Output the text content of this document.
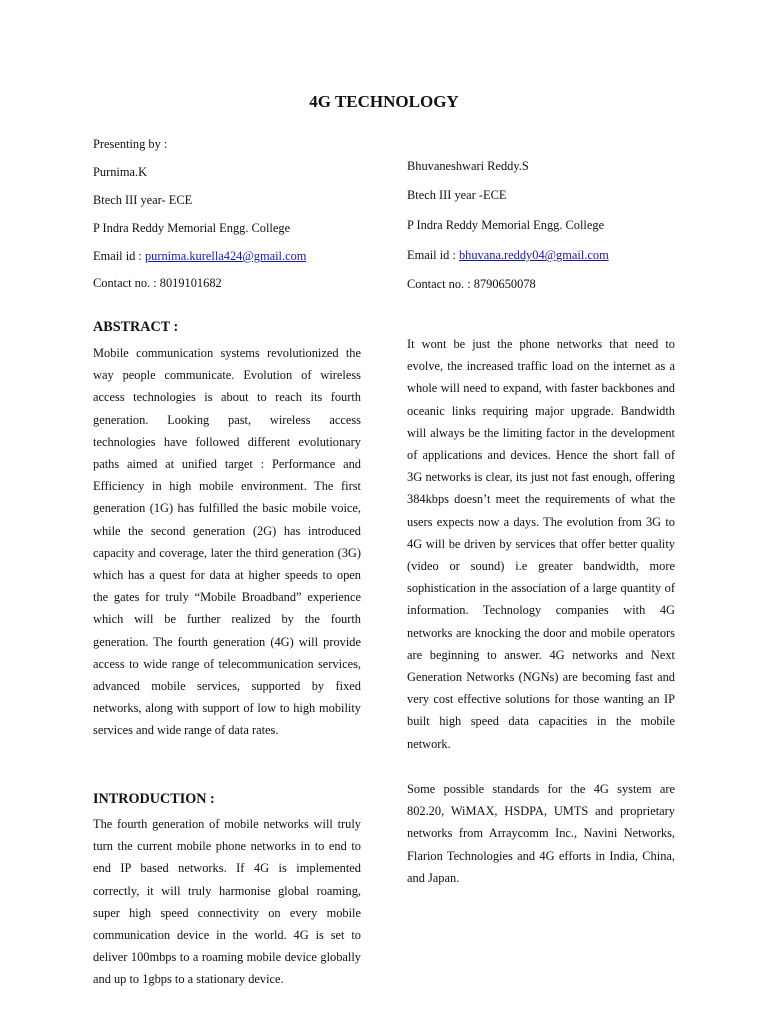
4G TECHNOLOGY
Presenting by :
Purnima.K
Btech III year- ECE
P Indra Reddy Memorial Engg. College
Email id : purnima.kurella424@gmail.com
Contact no. : 8019101682
Bhuvaneshwari Reddy.S
Btech III year -ECE
P Indra Reddy Memorial Engg. College
Email id : bhuvana.reddy04@gmail.com
Contact no. : 8790650078
ABSTRACT :
Mobile communication systems revolutionized the way people communicate. Evolution of wireless access technologies is about to reach its fourth generation. Looking past, wireless access technologies have followed different evolutionary paths aimed at unified target : Performance and Efficiency in high mobile environment. The first generation (1G) has fulfilled the basic mobile voice, while the second generation (2G) has introduced capacity and coverage, later the third generation (3G) which has a quest for data at higher speeds to open the gates for truly “Mobile Broadband” experience which will be further realized by the fourth generation. The fourth generation (4G) will provide access to wide range of telecommunication services, advanced mobile services, supported by fixed networks, along with support of low to high mobility services and wide range of data rates.
INTRODUCTION :
The fourth generation of mobile networks will truly turn the current mobile phone networks in to end to end IP based networks. If 4G is implemented correctly, it will truly harmonise global roaming, super high speed connectivity on every mobile communication device in the world. 4G is set to deliver 100mbps to a roaming mobile device globally and up to 1gbps to a stationary device.
It wont be just the phone networks that need to evolve, the increased traffic load on the internet as a whole will need to expand, with faster backbones and oceanic links requiring major upgrade. Bandwidth will always be the limiting factor in the development of applications and devices. Hence the short fall of 3G networks is clear, its just not fast enough, offering 384kbps doesn’t meet the requirements of what the users expects now a days. The evolution from 3G to 4G will be driven by services that offer better quality (video or sound) i.e greater bandwidth, more sophistication in the association of a large quantity of information. Technology companies with 4G networks are knocking the door and mobile operators are beginning to answer. 4G networks and Next Generation Networks (NGNs) are becoming fast and very cost effective solutions for those wanting an IP built high speed data capacities in the mobile network.
Some possible standards for the 4G system are 802.20, WiMAX, HSDPA, UMTS and proprietary networks from Arraycomm Inc., Navini Networks, Flarion Technologies and 4G efforts in India, China, and Japan.
